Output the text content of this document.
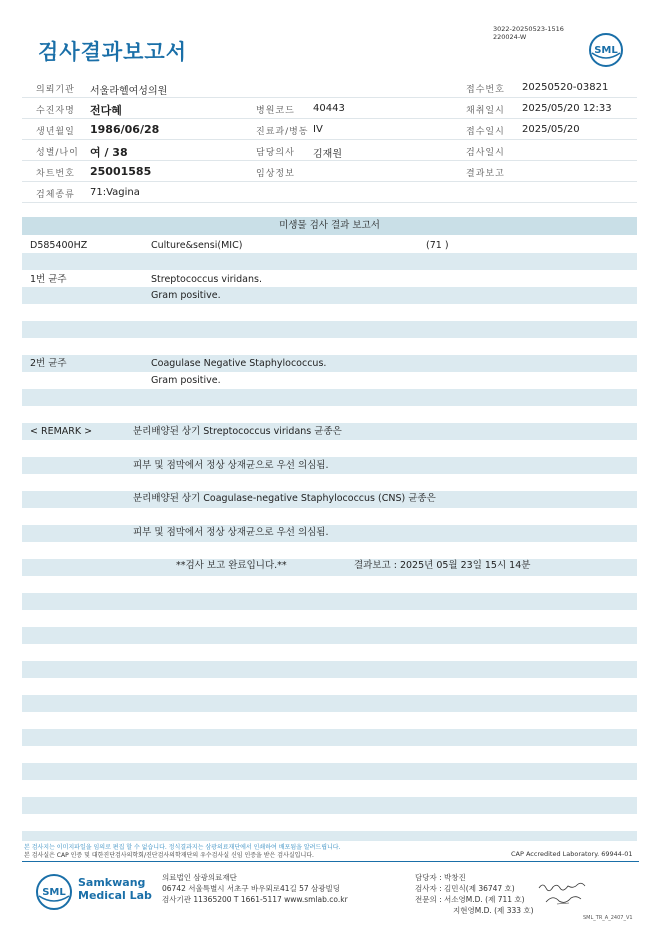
검사결과보고서
3022-20250523-1516
220024-W
SML
의뢰기관 서울라헬여성의원	접수번호 20250520-03821
수진자명 전다혜	병원코드 40443	채취일시 2025/05/20 12:33
생년월일 1986/06/28	진료과/병동 IV	접수일시 2025/05/20
성별/나이 여 / 38	담당의사 김재원	검사일시
차트번호 25001585	임상정보	결과보고
검체종류 71:Vagina
미생물 검사 결과 보고서
D585400HZ	Culture&sensi(MIC)	(71 )
1번 균주	Streptococcus viridans.
Gram positive.
2번 균주	Coagulase Negative Staphylococcus.
Gram positive.
< REMARK >	분리배양된 상기 Streptococcus viridans 균종은
피부 및 점막에서 정상 상재균으로 우선 의심됨.
분리배양된 상기 Coagulase-negative Staphylococcus (CNS) 균종은
피부 및 점막에서 정상 상재균으로 우선 의심됨.
**검사 보고 완료입니다.**	결과보고 : 2025년 05월 23일 15시 14분
본 검사지는 이미지파일을 임의로 편집 할 수 없습니다. 정식결과지는 삼광의료재단에서 인쇄하여 배포됨을 알려드립니다.
본 검사실은 CAP 인증 및 대한진단검사의학회/진단검사의학재단의 우수검사실 신임 인증을 받은 검사실입니다.	CAP Accredited Laboratory. 69944-01
SML
Samkwang
Medical Lab
의료법인 삼광의료재단
06742 서울특별시 서초구 바우뫼로41길 57 삼광빌딩
검사기관 11365200 T 1661-5117 www.smlab.co.kr
담당자 : 박창진
검사자 : 김민식(제 36747 호)
전문의 : 서소영M.D. (제 711 호)
지현영M.D. (제 333 호)
SML_TR_A_2407_V1
